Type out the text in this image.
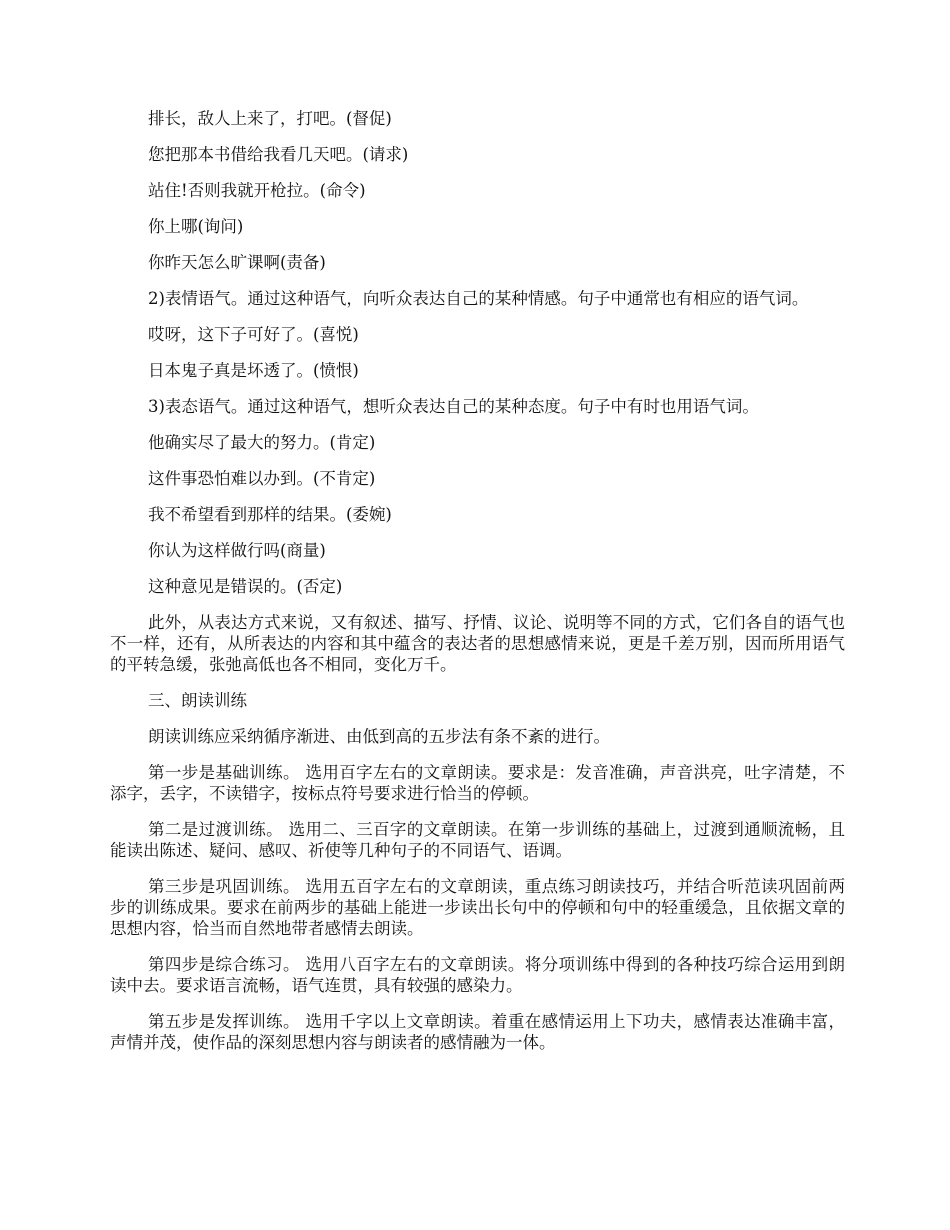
排长，敌人上来了，打吧。(督促)

您把那本书借给我看几天吧。(请求)

站住!否则我就开枪拉。(命令)

你上哪(询问)

你昨天怎么旷课啊(责备)

2)表情语气。通过这种语气，向听众表达自己的某种情感。句子中通常也有相应的语气词。

哎呀，这下子可好了。(喜悦)

日本鬼子真是坏透了。(愤恨)

3)表态语气。通过这种语气，想听众表达自己的某种态度。句子中有时也用语气词。

他确实尽了最大的努力。(肯定)

这件事恐怕难以办到。(不肯定)

我不希望看到那样的结果。(委婉)

你认为这样做行吗(商量)

这种意见是错误的。(否定)

此外，从表达方式来说，又有叙述、描写、抒情、议论、说明等不同的方式，它们各自的语气也不一样，还有，从所表达的内容和其中蕴含的表达者的思想感情来说，更是千差万别，因而所用语气的平转急缓，张弛高低也各不相同，变化万千。

三、朗读训练

朗读训练应采纳循序渐进、由低到高的五步法有条不紊的进行。

第一步是基础训练。 选用百字左右的文章朗读。要求是：发音准确，声音洪亮，吐字清楚，不添字，丢字，不读错字，按标点符号要求进行恰当的停顿。

第二是过渡训练。 选用二、三百字的文章朗读。在第一步训练的基础上，过渡到通顺流畅，且能读出陈述、疑问、感叹、祈使等几种句子的不同语气、语调。

第三步是巩固训练。 选用五百字左右的文章朗读，重点练习朗读技巧，并结合听范读巩固前两步的训练成果。要求在前两步的基础上能进一步读出长句中的停顿和句中的轻重缓急，且依据文章的思想内容，恰当而自然地带者感情去朗读。

第四步是综合练习。 选用八百字左右的文章朗读。将分项训练中得到的各种技巧综合运用到朗读中去。要求语言流畅，语气连贯，具有较强的感染力。

第五步是发挥训练。 选用千字以上文章朗读。着重在感情运用上下功夫，感情表达准确丰富，声情并茂，使作品的深刻思想内容与朗读者的感情融为一体。
